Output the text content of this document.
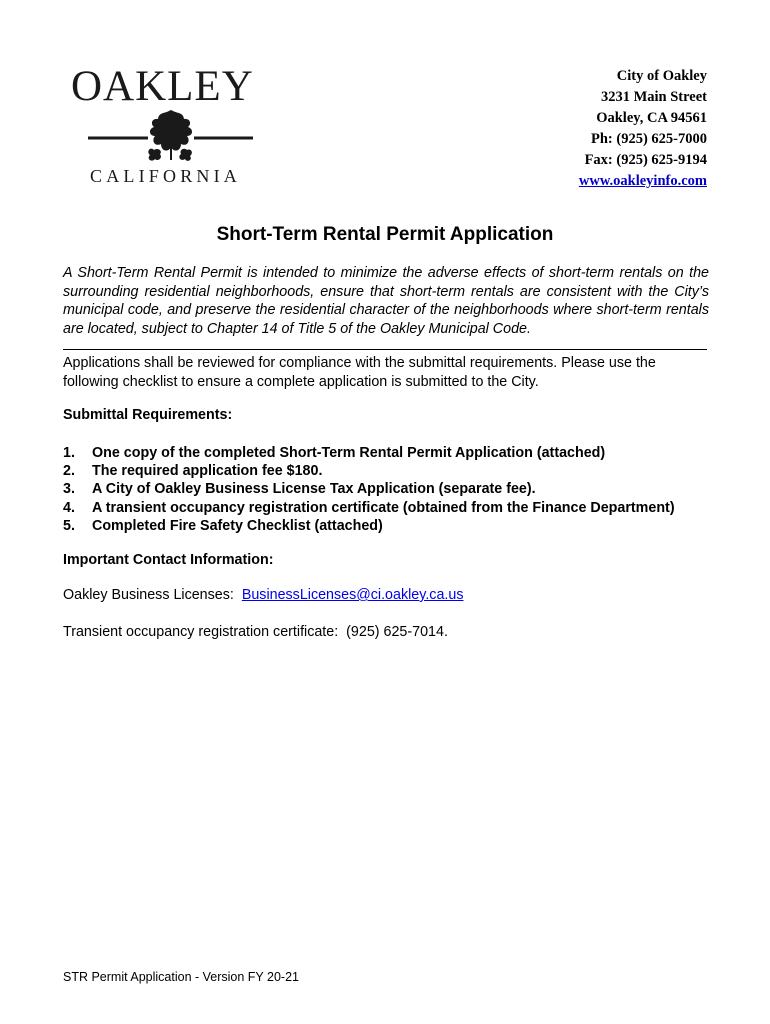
OAKLEY
CALIFORNIA
City of Oakley
3231 Main Street
Oakley, CA 94561
Ph: (925) 625-7000
Fax: (925) 625-9194
www.oakleyinfo.com
Short-Term Rental Permit Application
A Short-Term Rental Permit is intended to minimize the adverse effects of short-term rentals on the surrounding residential neighborhoods, ensure that short-term rentals are consistent with the City’s municipal code, and preserve the residential character of the neighborhoods where short-term rentals are located, subject to Chapter 14 of Title 5 of the Oakley Municipal Code.
Applications shall be reviewed for compliance with the submittal requirements. Please use the following checklist to ensure a complete application is submitted to the City.
Submittal Requirements:
1. One copy of the completed Short-Term Rental Permit Application (attached)
2. The required application fee $180.
3. A City of Oakley Business License Tax Application (separate fee).
4. A transient occupancy registration certificate (obtained from the Finance Department)
5. Completed Fire Safety Checklist (attached)
Important Contact Information:
Oakley Business Licenses: BusinessLicenses@ci.oakley.ca.us
Transient occupancy registration certificate: (925) 625-7014.
STR Permit Application - Version FY 20-21
